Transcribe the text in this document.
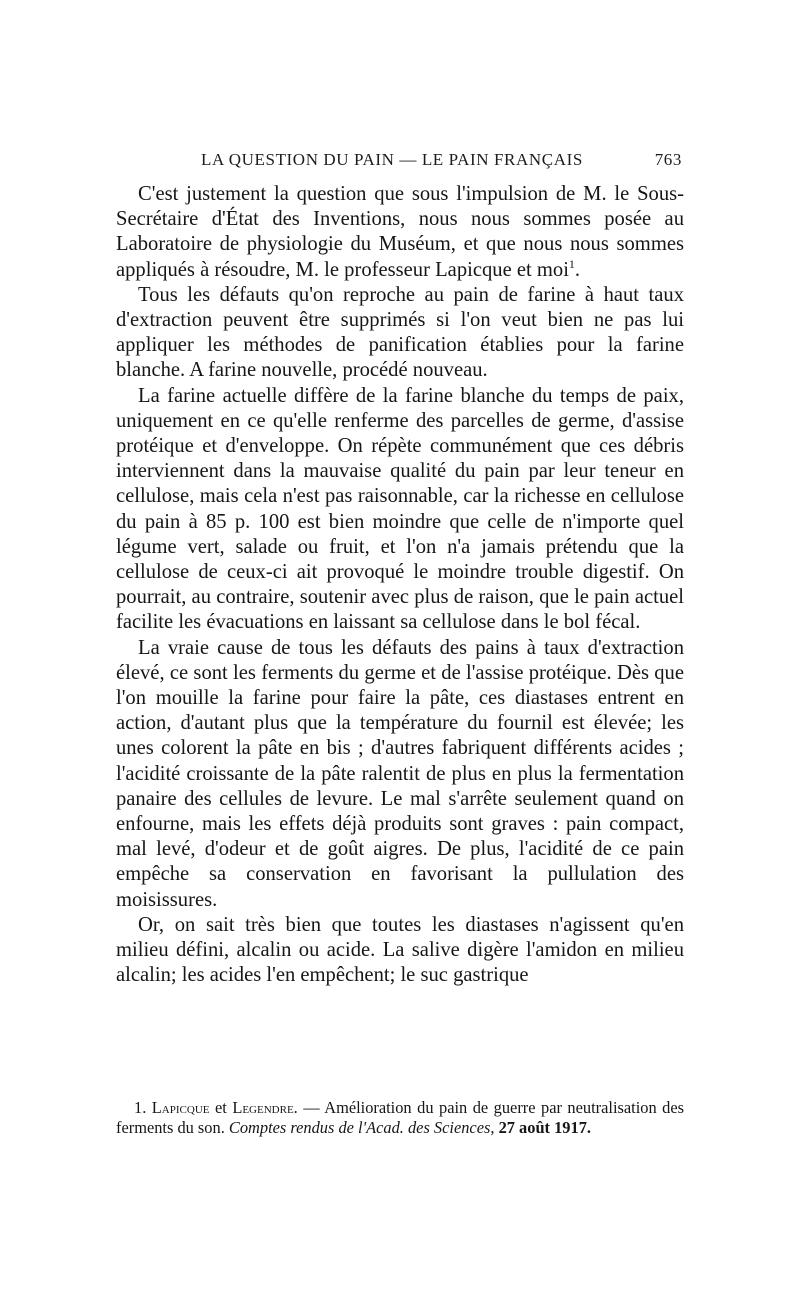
LA QUESTION DU PAIN — LE PAIN FRANÇAIS	763

C'est justement la question que sous l'impulsion de M. le Sous-Secrétaire d'État des Inventions, nous nous sommes posée au Laboratoire de physiologie du Muséum, et que nous nous sommes appliqués à résoudre, M. le professeur Lapicque et moi$^1$.

Tous les défauts qu'on reproche au pain de farine à haut taux d'extraction peuvent être supprimés si l'on veut bien ne pas lui appliquer les méthodes de panification établies pour la farine blanche. A farine nouvelle, procédé nouveau.

La farine actuelle diffère de la farine blanche du temps de paix, uniquement en ce qu'elle renferme des parcelles de germe, d'assise protéique et d'enveloppe. On répète communément que ces débris interviennent dans la mauvaise qualité du pain par leur teneur en cellulose, mais cela n'est pas raisonnable, car la richesse en cellulose du pain à 85 p. 100 est bien moindre que celle de n'importe quel légume vert, salade ou fruit, et l'on n'a jamais prétendu que la cellulose de ceux-ci ait provoqué le moindre trouble digestif. On pourrait, au contraire, soutenir avec plus de raison, que le pain actuel facilite les évacuations en laissant sa cellulose dans le bol fécal.

La vraie cause de tous les défauts des pains à taux d'extraction élevé, ce sont les ferments du germe et de l'assise protéique. Dès que l'on mouille la farine pour faire la pâte, ces diastases entrent en action, d'autant plus que la température du fournil est élevée; les unes colorent la pâte en bis ; d'autres fabriquent différents acides ; l'acidité croissante de la pâte ralentit de plus en plus la fermentation panaire des cellules de levure. Le mal s'arrête seulement quand on enfourne, mais les effets déjà produits sont graves : pain compact, mal levé, d'odeur et de goût aigres. De plus, l'acidité de ce pain empêche sa conservation en favorisant la pullulation des moisissures.

Or, on sait très bien que toutes les diastases n'agissent qu'en milieu défini, alcalin ou acide. La salive digère l'amidon en milieu alcalin; les acides l'en empêchent; le suc gastrique

1. Lapicque et Legendre. — Amélioration du pain de guerre par neutralisation des ferments du son. Comptes rendus de l'Acad. des Sciences, 27 août 1917.
